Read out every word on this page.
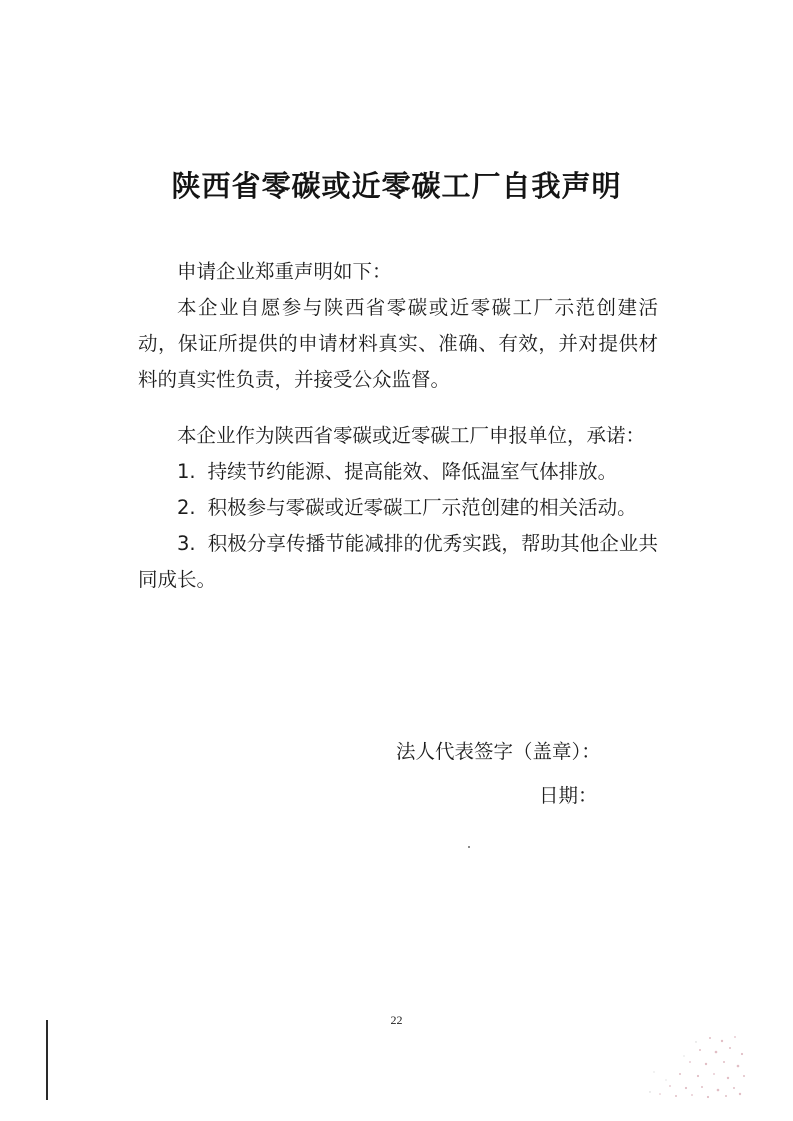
陕西省零碳或近零碳工厂自我声明

申请企业郑重声明如下：

本企业自愿参与陕西省零碳或近零碳工厂示范创建活动，保证所提供的申请材料真实、准确、有效，并对提供材料的真实性负责，并接受公众监督。

本企业作为陕西省零碳或近零碳工厂申报单位，承诺：

1. 持续节约能源、提高能效、降低温室气体排放。

2. 积极参与零碳或近零碳工厂示范创建的相关活动。

3. 积极分享传播节能减排的优秀实践，帮助其他企业共同成长。

法人代表签字（盖章）：
日期：
22
